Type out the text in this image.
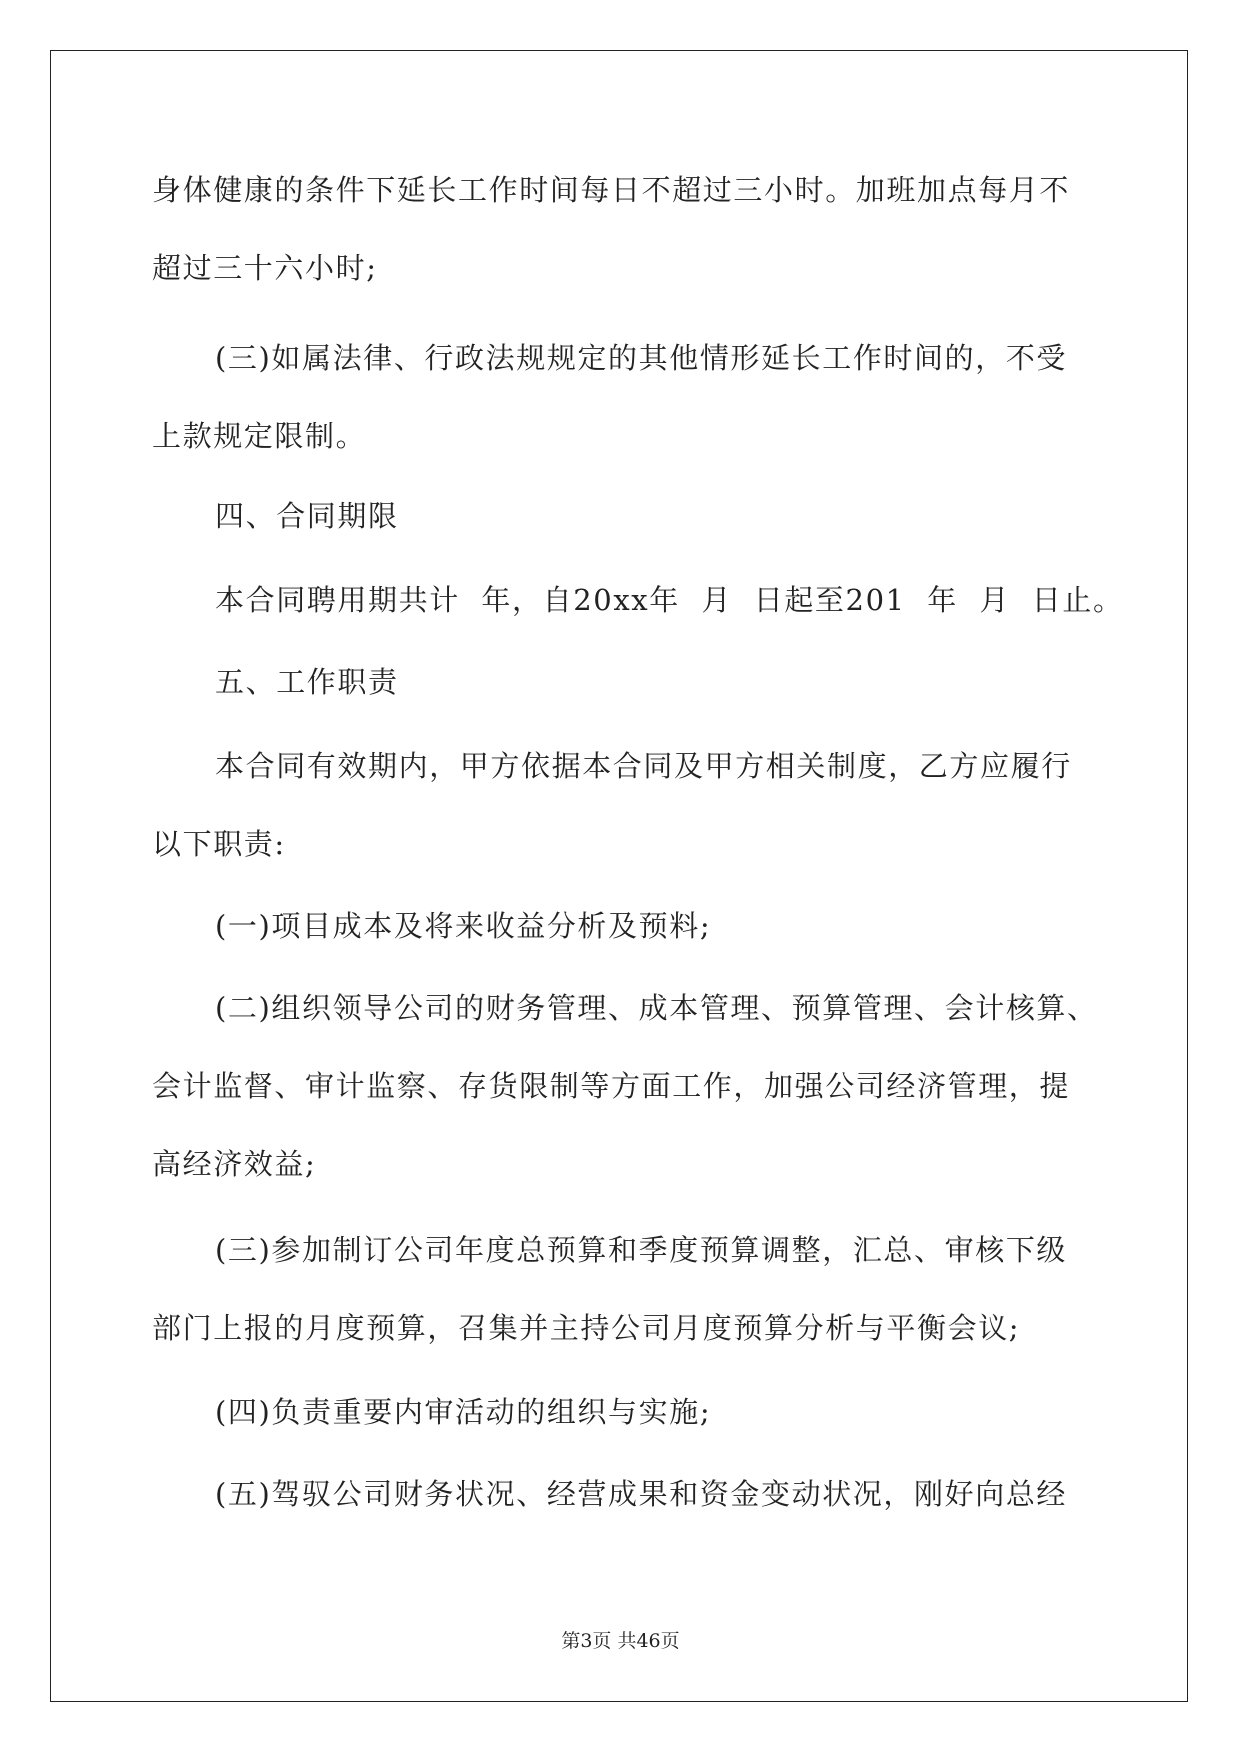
身体健康的条件下延长工作时间每日不超过三小时。加班加点每月不
超过三十六小时;
(三)如属法律、行政法规规定的其他情形延长工作时间的，不受
上款规定限制。
四、合同期限
本合同聘用期共计  年，自20xx年  月  日起至201  年  月  日止。
五、工作职责
本合同有效期内，甲方依据本合同及甲方相关制度，乙方应履行
以下职责:
(一)项目成本及将来收益分析及预料;
(二)组织领导公司的财务管理、成本管理、预算管理、会计核算、
会计监督、审计监察、存货限制等方面工作，加强公司经济管理，提
高经济效益;
(三)参加制订公司年度总预算和季度预算调整，汇总、审核下级
部门上报的月度预算，召集并主持公司月度预算分析与平衡会议;
(四)负责重要内审活动的组织与实施;
(五)驾驭公司财务状况、经营成果和资金变动状况，刚好向总经
第3页 共46页
